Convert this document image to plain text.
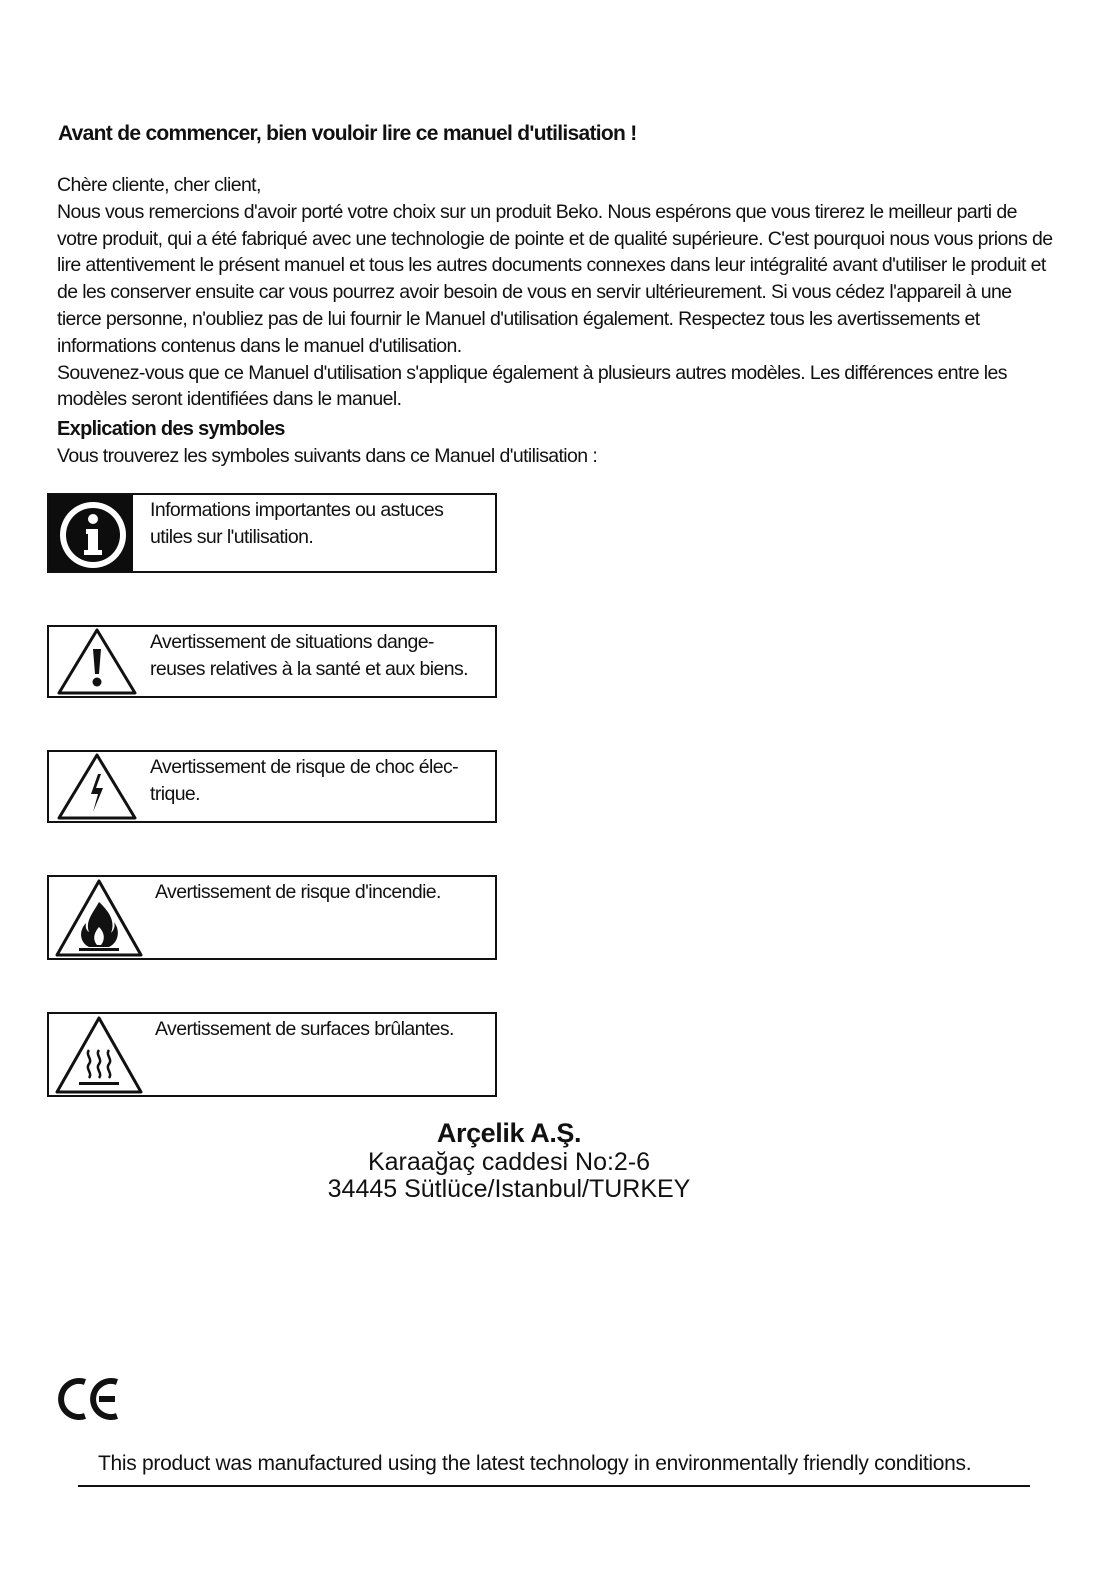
Avant de commencer, bien vouloir lire ce manuel d'utilisation !

Chère cliente, cher client,

Nous vous remercions d'avoir porté votre choix sur un produit Beko. Nous espérons que vous tirerez le meilleur parti de votre produit, qui a été fabriqué avec une technologie de pointe et de qualité supérieure. C'est pourquoi nous vous prions de lire attentivement le présent manuel et tous les autres documents connexes dans leur intégralité avant d'utiliser le produit et de les conserver ensuite car vous pourrez avoir besoin de vous en servir ultérieurement. Si vous cédez l'appareil à une tierce personne, n'oubliez pas de lui fournir le Manuel d'utilisation également. Respectez tous les avertissements et informations contenus dans le manuel d'utilisation.

Souvenez-vous que ce Manuel d'utilisation s'applique également à plusieurs autres modèles. Les différences entre les modèles seront identifiées dans le manuel.

Explication des symboles
Vous trouverez les symboles suivants dans ce Manuel d'utilisation :
Informations importantes ou astuces
utiles sur l'utilisation.
Avertissement de situations dange-
reuses relatives à la santé et aux biens.
Avertissement de risque de choc élec-
trique.
Avertissement de risque d'incendie.
Avertissement de surfaces brûlantes.
Arçelik A.Ş.
Karaağaç caddesi No:2-6
34445 Sütlüce/Istanbul/TURKEY
This product was manufactured using the latest technology in environmentally friendly conditions.
